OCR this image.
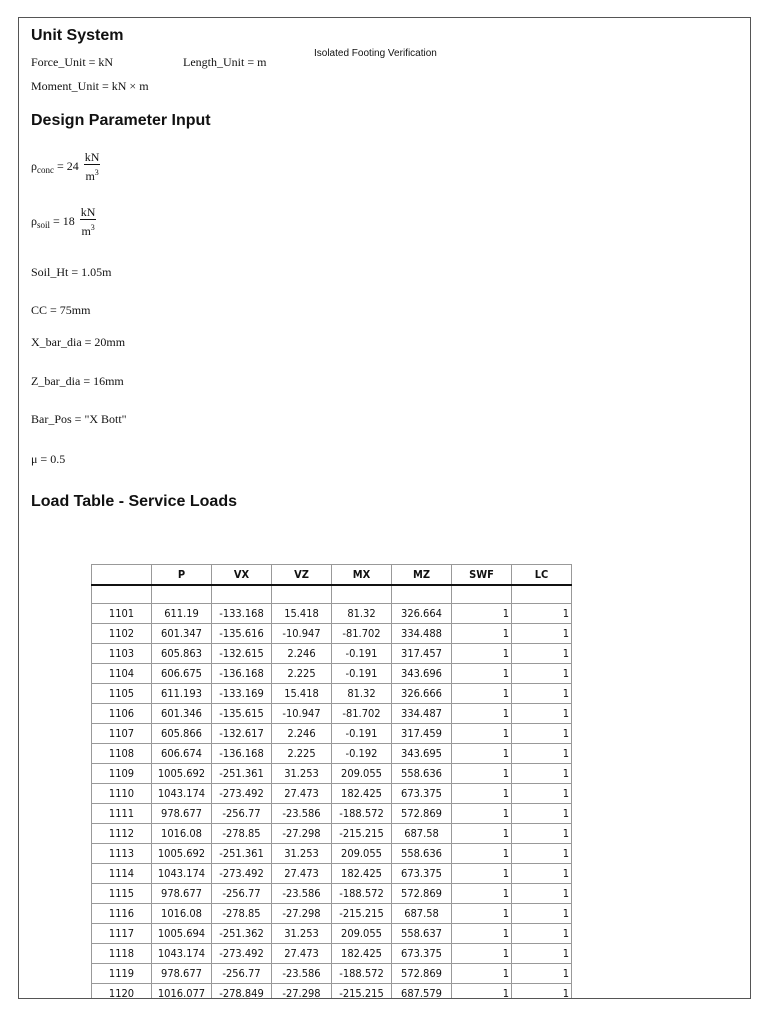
Unit System
Force_Unit = kN	Length_Unit = m
Isolated Footing Verification
Moment_Unit = kN × m
Design Parameter Input
$\rho_{conc} = 24 \frac{kN}{m^3}$
$\rho_{soil} = 18 \frac{kN}{m^3}$
Soil_Ht = 1.05m
CC = 75mm
X_bar_dia = 20mm
Z_bar_dia = 16mm
Bar_Pos = "X Bott"
μ = 0.5
Load Table - Service Loads
	P	VX	VZ	MX	MZ	SWF	LC

1101	611.19	-133.168	15.418	81.32	326.664	1	1
1102	601.347	-135.616	-10.947	-81.702	334.488	1	1
1103	605.863	-132.615	2.246	-0.191	317.457	1	1
1104	606.675	-136.168	2.225	-0.191	343.696	1	1
1105	611.193	-133.169	15.418	81.32	326.666	1	1
1106	601.346	-135.615	-10.947	-81.702	334.487	1	1
1107	605.866	-132.617	2.246	-0.191	317.459	1	1
1108	606.674	-136.168	2.225	-0.192	343.695	1	1
1109	1005.692	-251.361	31.253	209.055	558.636	1	1
1110	1043.174	-273.492	27.473	182.425	673.375	1	1
1111	978.677	-256.77	-23.586	-188.572	572.869	1	1
1112	1016.08	-278.85	-27.298	-215.215	687.58	1	1
1113	1005.692	-251.361	31.253	209.055	558.636	1	1
1114	1043.174	-273.492	27.473	182.425	673.375	1	1
1115	978.677	-256.77	-23.586	-188.572	572.869	1	1
1116	1016.08	-278.85	-27.298	-215.215	687.58	1	1
1117	1005.694	-251.362	31.253	209.055	558.637	1	1
1118	1043.174	-273.492	27.473	182.425	673.375	1	1
1119	978.677	-256.77	-23.586	-188.572	572.869	1	1
1120	1016.077	-278.849	-27.298	-215.215	687.579	1	1
